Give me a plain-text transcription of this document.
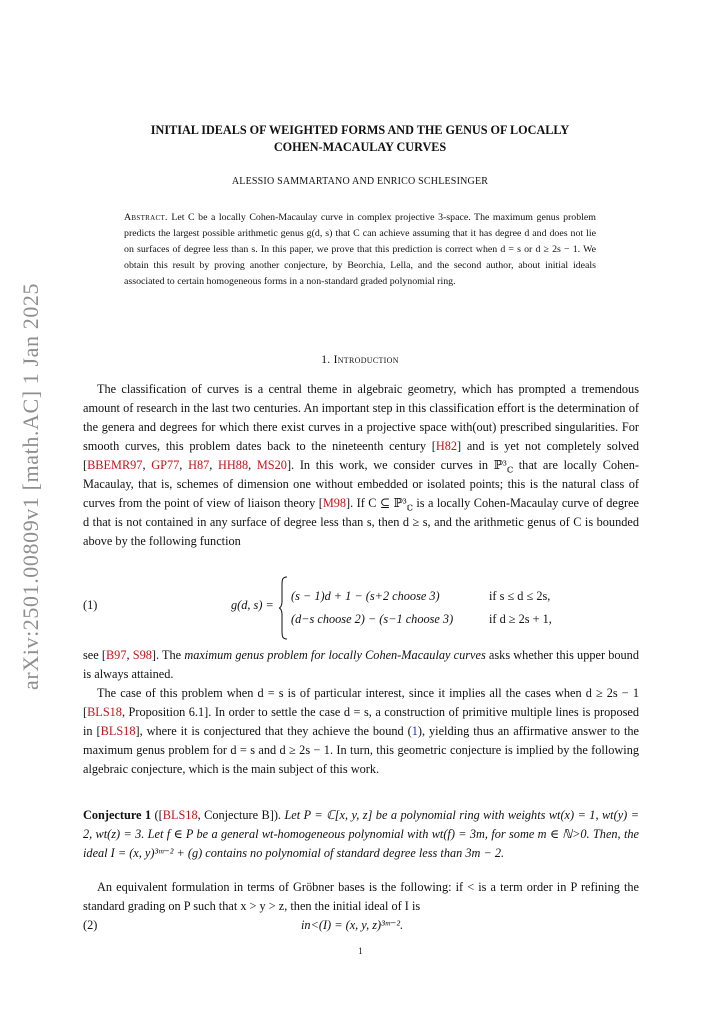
arXiv:2501.00809v1 [math.AC] 1 Jan 2025
INITIAL IDEALS OF WEIGHTED FORMS AND THE GENUS OF LOCALLY
COHEN-MACAULAY CURVES
ALESSIO SAMMARTANO AND ENRICO SCHLESINGER
Abstract. Let C be a locally Cohen-Macaulay curve in complex projective 3-space. The maximum genus problem predicts the largest possible arithmetic genus g(d, s) that C can achieve assuming that it has degree d and does not lie on surfaces of degree less than s. In this paper, we prove that this prediction is correct when d = s or d ≥ 2s − 1. We obtain this result by proving another conjecture, by Beorchia, Lella, and the second author, about initial ideals associated to certain homogeneous forms in a non-standard graded polynomial ring.
1. Introduction
The classification of curves is a central theme in algebraic geometry, which has prompted a tremendous amount of research in the last two centuries. An important step in this classification effort is the determination of the genera and degrees for which there exist curves in a projective space with(out) prescribed singularities. For smooth curves, this problem dates back to the nineteenth century [H82] and is yet not completely solved [BBEMR97, GP77, H87, HH88, MS20]. In this work, we consider curves in $ℙ^3_ℂ$ that are locally Cohen-Macaulay, that is, schemes of dimension one without embedded or isolated points; this is the natural class of curves from the point of view of liaison theory [M98]. If C ⊆ $ℙ^3_ℂ$ is a locally Cohen-Macaulay curve of degree d that is not contained in any surface of degree less than s, then d ≥ s, and the arithmetic genus of C is bounded above by the following function
(1)	g(d, s) =
(s − 1)d + 1 − (s+2 choose 3)	if s ≤ d ≤ 2s,
(d−s choose 2) − (s−1 choose 3)	if d ≥ 2s + 1,
see [B97, S98]. The maximum genus problem for locally Cohen-Macaulay curves asks whether this upper bound is always attained.
The case of this problem when d = s is of particular interest, since it implies all the cases when d ≥ 2s − 1 [BLS18, Proposition 6.1]. In order to settle the case d = s, a construction of primitive multiple lines is proposed in [BLS18], where it is conjectured that they achieve the bound (1), yielding thus an affirmative answer to the maximum genus problem for d = s and d ≥ 2s − 1. In turn, this geometric conjecture is implied by the following algebraic conjecture, which is the main subject of this work.
Conjecture 1 ([BLS18, Conjecture B]). Let P = ℂ[x, y, z] be a polynomial ring with weights wt(x) = 1, wt(y) = 2, wt(z) = 3. Let f ∈ P be a general wt-homogeneous polynomial with wt(f) = 3m, for some m ∈ ℕ>0. Then, the ideal I = (x, y)³ᵐ⁻² + (g) contains no polynomial of standard degree less than 3m − 2.
An equivalent formulation in terms of Gröbner bases is the following: if < is a term order in P refining the standard grading on P such that x > y > z, then the initial ideal of I is
(2)	in<(I) = (x, y, z)³ᵐ⁻².
1
